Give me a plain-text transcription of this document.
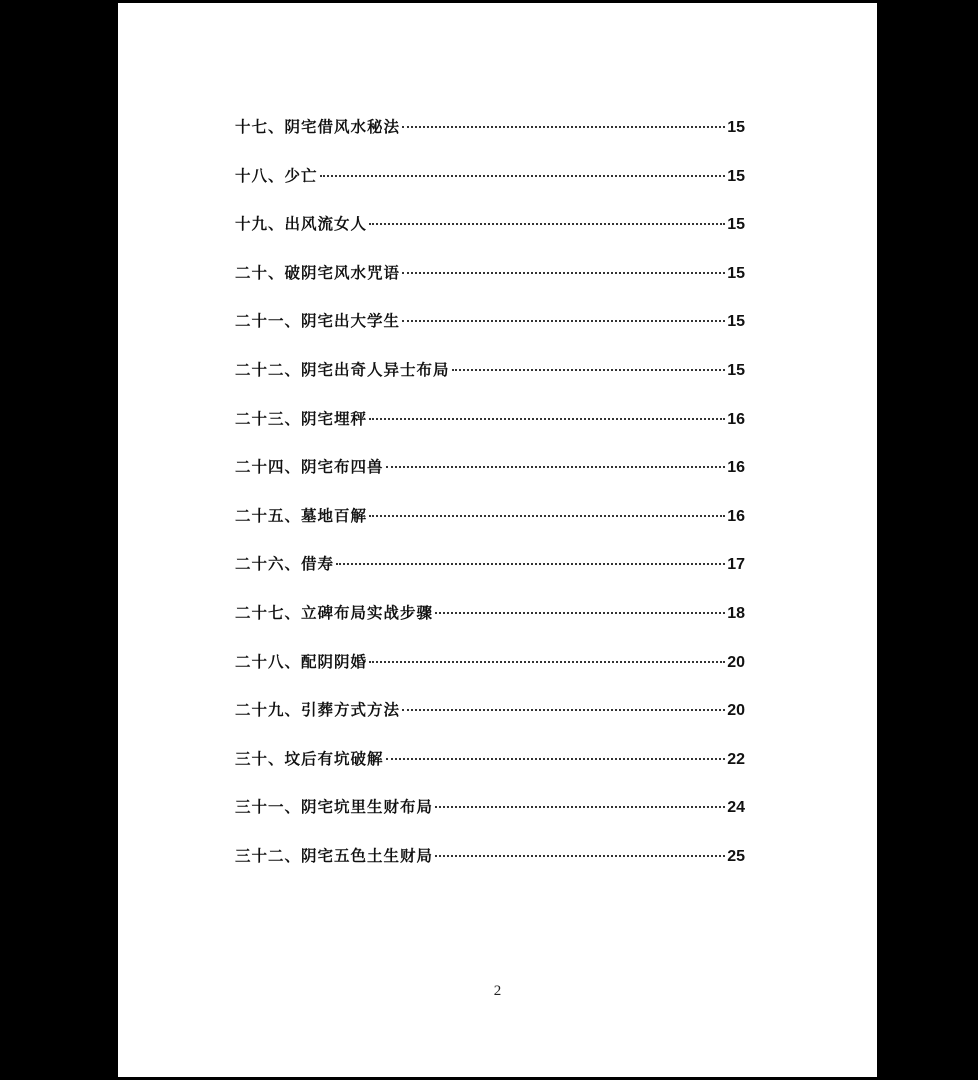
十七、阴宅借风水秘法	15
十八、少亡	15
十九、出风流女人	15
二十、破阴宅风水咒语	15
二十一、阴宅出大学生	15
二十二、阴宅出奇人异士布局	15
二十三、阴宅埋秤	16
二十四、阴宅布四兽	16
二十五、墓地百解	16
二十六、借寿	17
二十七、立碑布局实战步骤	18
二十八、配阴阴婚	20
二十九、引葬方式方法	20
三十、坟后有坑破解	22
三十一、阴宅坑里生财布局	24
三十二、阴宅五色土生财局	25
2
